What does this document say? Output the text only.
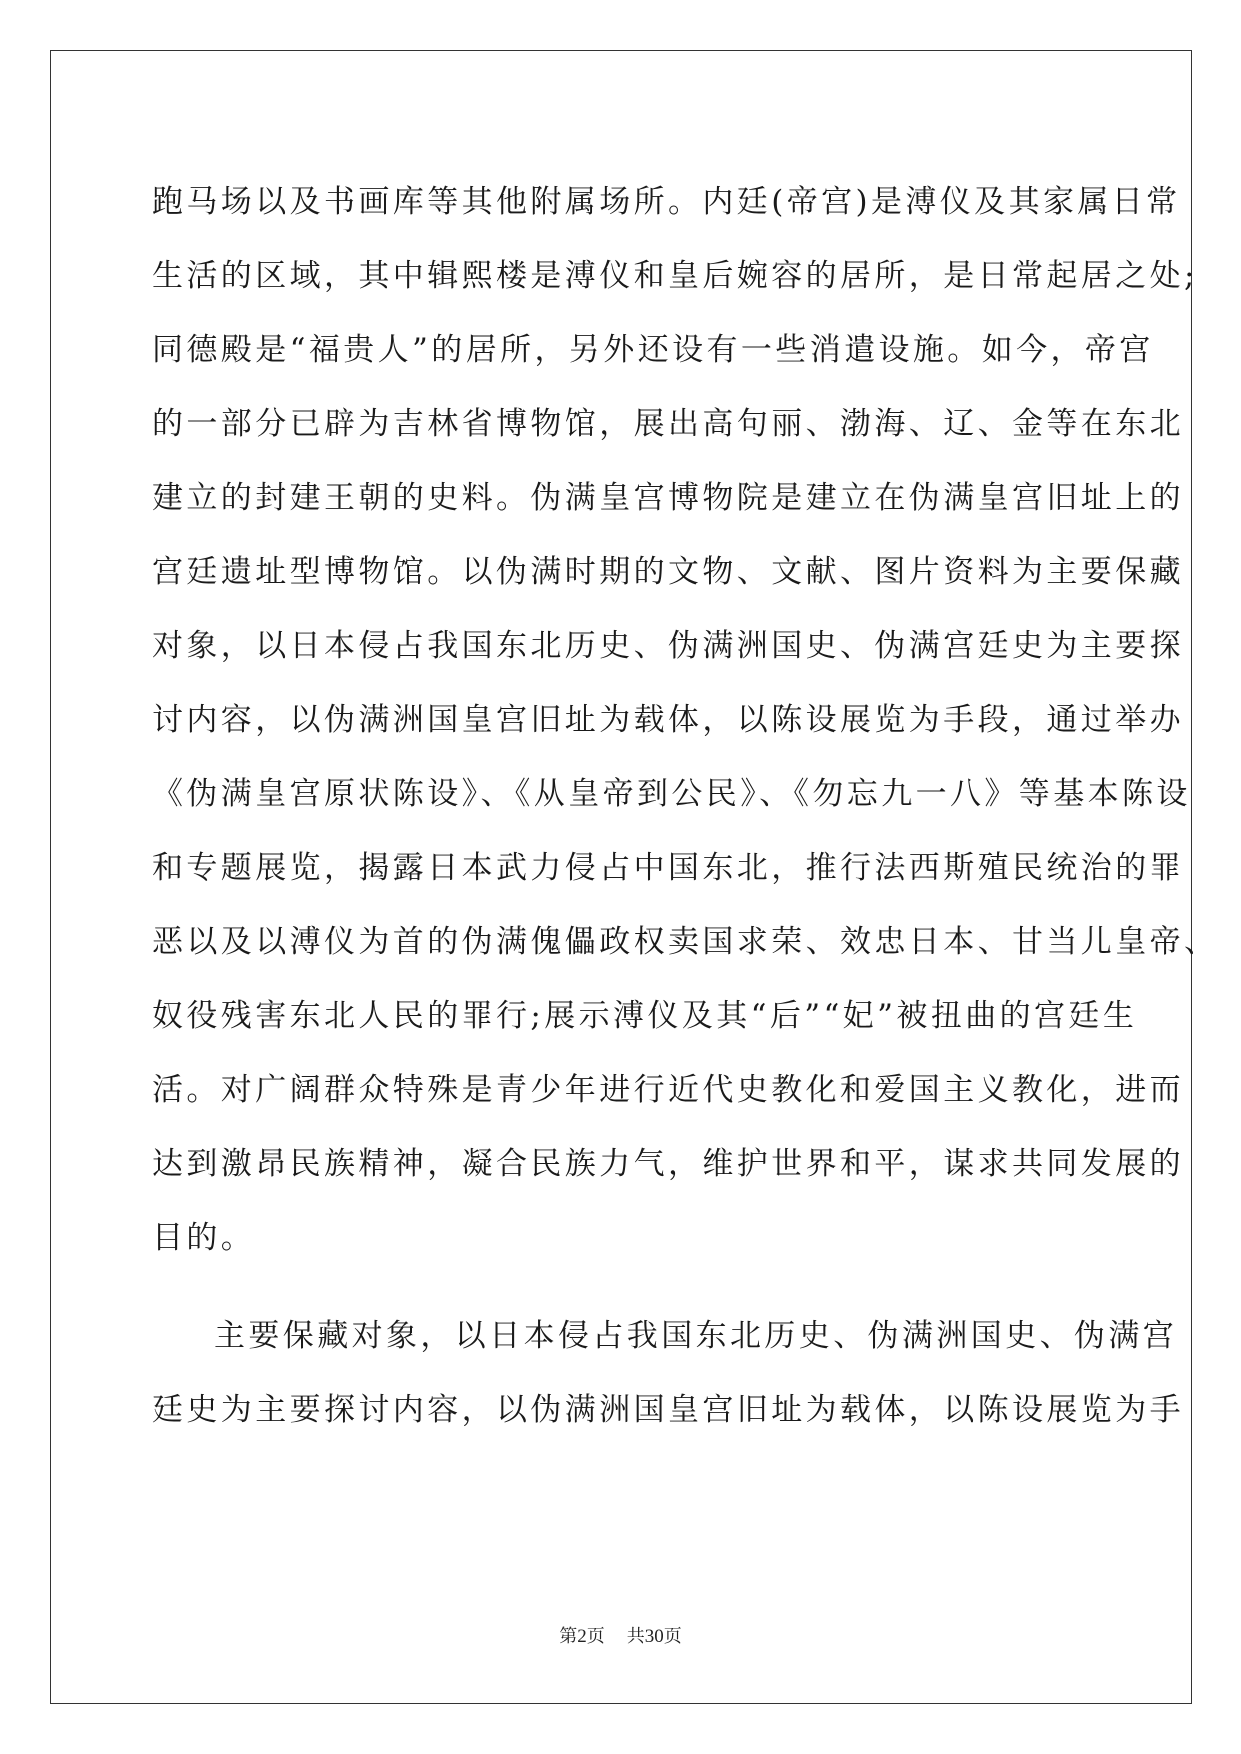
跑马场以及书画库等其他附属场所。内廷(帝宫)是溥仪及其家属日常
生活的区域，其中辑熙楼是溥仪和皇后婉容的居所，是日常起居之处;
同德殿是“福贵人”的居所，另外还设有一些消遣设施。如今，帝宫
的一部分已辟为吉林省博物馆，展出高句丽、渤海、辽、金等在东北
建立的封建王朝的史料。伪满皇宫博物院是建立在伪满皇宫旧址上的
宫廷遗址型博物馆。以伪满时期的文物、文献、图片资料为主要保藏
对象，以日本侵占我国东北历史、伪满洲国史、伪满宫廷史为主要探
讨内容，以伪满洲国皇宫旧址为载体，以陈设展览为手段，通过举办
《伪满皇宫原状陈设》、《从皇帝到公民》、《勿忘九一八》等基本陈设
和专题展览，揭露日本武力侵占中国东北，推行法西斯殖民统治的罪
恶以及以溥仪为首的伪满傀儡政权卖国求荣、效忠日本、甘当儿皇帝、
奴役残害东北人民的罪行;展示溥仪及其“后”“妃”被扭曲的宫廷生
活。对广阔群众特殊是青少年进行近代史教化和爱国主义教化，进而
达到激昂民族精神，凝合民族力气，维护世界和平，谋求共同发展的
目的。
主要保藏对象，以日本侵占我国东北历史、伪满洲国史、伪满宫
廷史为主要探讨内容，以伪满洲国皇宫旧址为载体，以陈设展览为手
第2页 共30页
